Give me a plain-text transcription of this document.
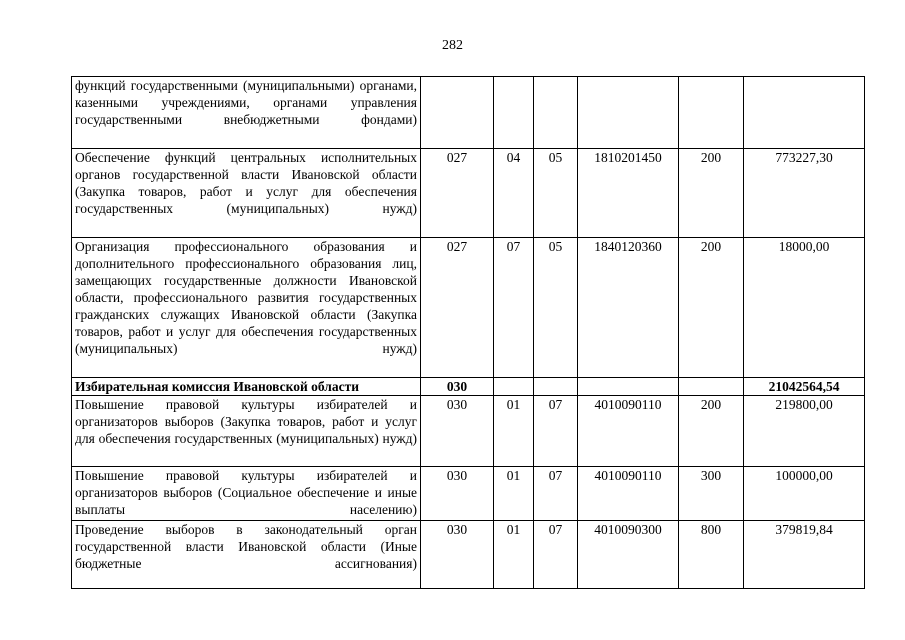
282
функций государственными (муниципальными) органами, казенными учреждениями, органами управления государственными внебюджетными фондами)						
Обеспечение функций центральных исполнительных органов государственной власти Ивановской области (Закупка товаров, работ и услуг для обеспечения государственных (муниципальных) нужд)	027	04	05	1810201450	200	773227,30
Организация профессионального образования и дополнительного профессионального образования лиц, замещающих государственные должности Ивановской области, профессионального развития государственных гражданских служащих Ивановской области (Закупка товаров, работ и услуг для обеспечения государственных (муниципальных) нужд)	027	07	05	1840120360	200	18000,00
Избирательная комиссия Ивановской области	030					21042564,54
Повышение правовой культуры избирателей и организаторов выборов (Закупка товаров, работ и услуг для обеспечения государственных (муниципальных) нужд)	030	01	07	4010090110	200	219800,00
Повышение правовой культуры избирателей и организаторов выборов (Социальное обеспечение и иные выплаты населению)	030	01	07	4010090110	300	100000,00
Проведение выборов в законодательный орган государственной власти Ивановской области (Иные бюджетные ассигнования)	030	01	07	4010090300	800	379819,84
